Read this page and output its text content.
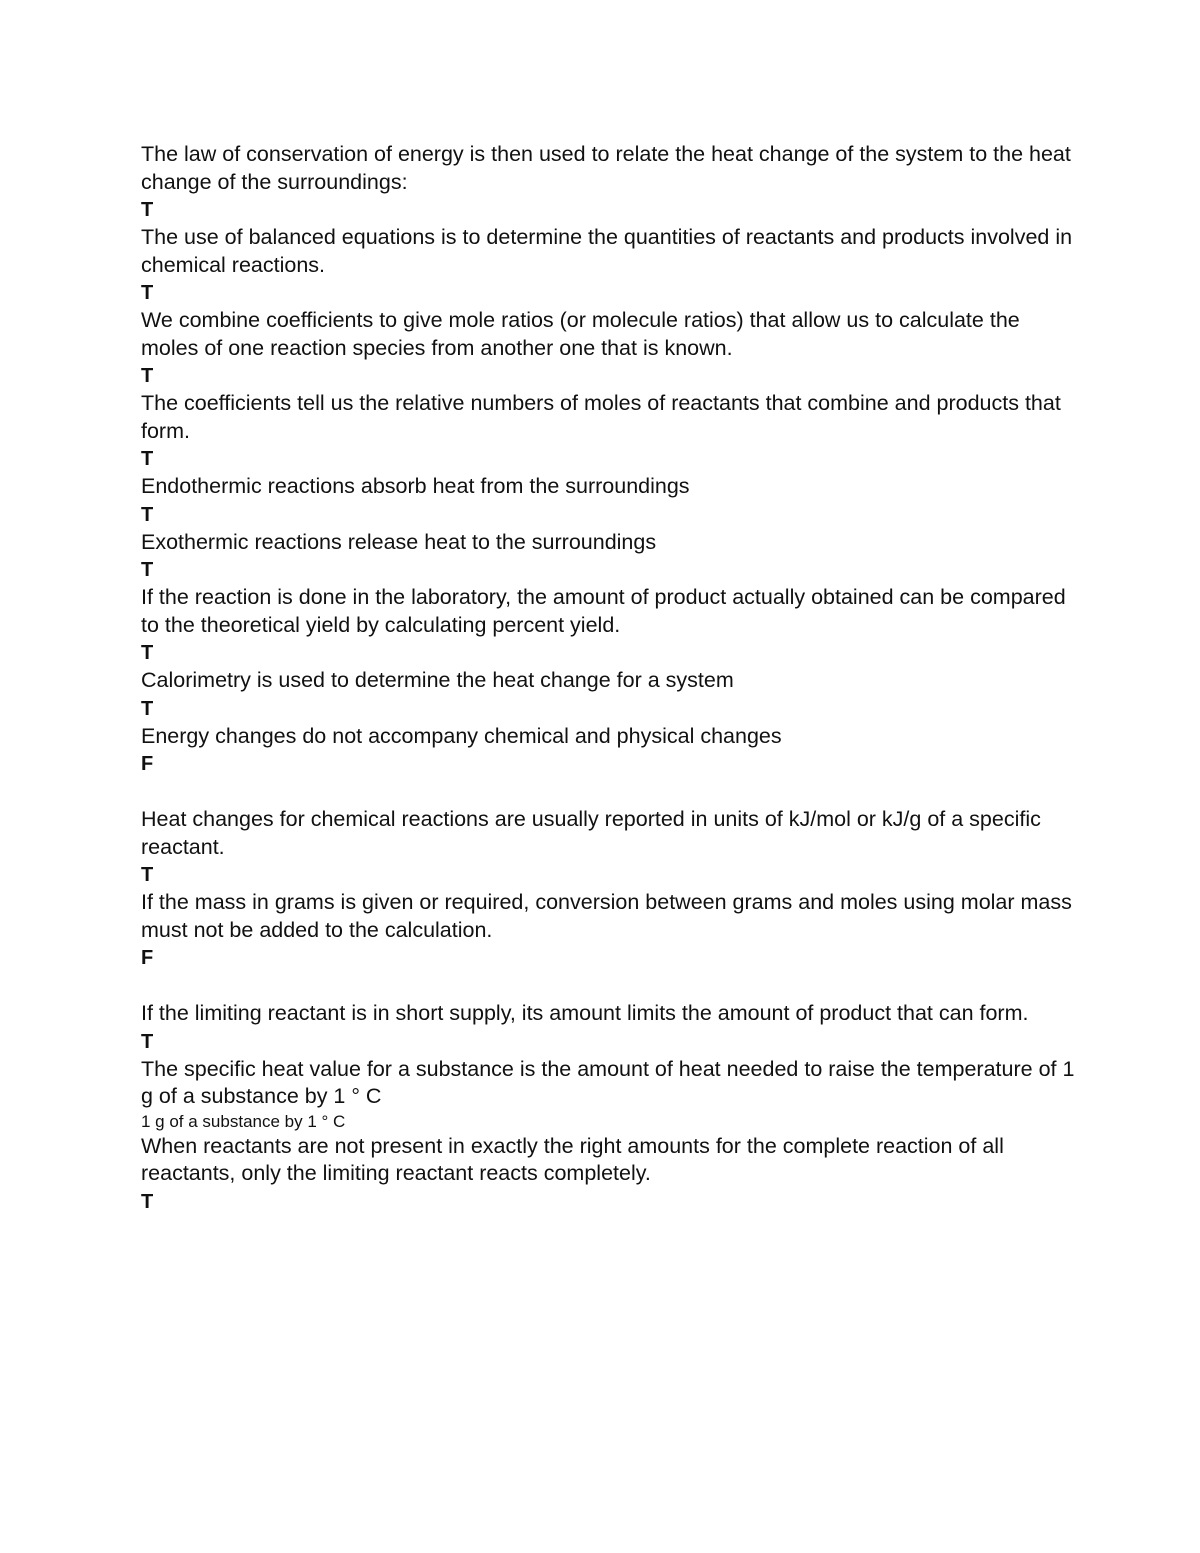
The law of conservation of energy is then used to relate the heat change of the system to the heat change of the surroundings:

T

The use of balanced equations is to determine the quantities of reactants and products involved in chemical reactions.

T

We combine coefficients to give mole ratios (or molecule ratios) that allow us to calculate the moles of one reaction species from another one that is known.

T

The coefficients tell us the relative numbers of moles of reactants that combine and products that form.

T

Endothermic reactions absorb heat from the surroundings

T

Exothermic reactions release heat to the surroundings

T

If the reaction is done in the laboratory, the amount of product actually obtained can be compared to the theoretical yield by calculating percent yield.

T

Calorimetry is used to determine the heat change for a system

T

Energy changes do not accompany chemical and physical changes

F

Heat changes for chemical reactions are usually reported in units of kJ/mol or kJ/g of a specific reactant.

T

If the mass in grams is given or required, conversion between grams and moles using molar mass must not be added to the calculation.

F

If the limiting reactant is in short supply, its amount limits the amount of product that can form.

T

The specific heat value for a substance is the amount of heat needed to raise the temperature of 1 g of a substance by 1 ° C

1 g of a substance by 1 ° C

When reactants are not present in exactly the right amounts for the complete reaction of all reactants, only the limiting reactant reacts completely.

T
